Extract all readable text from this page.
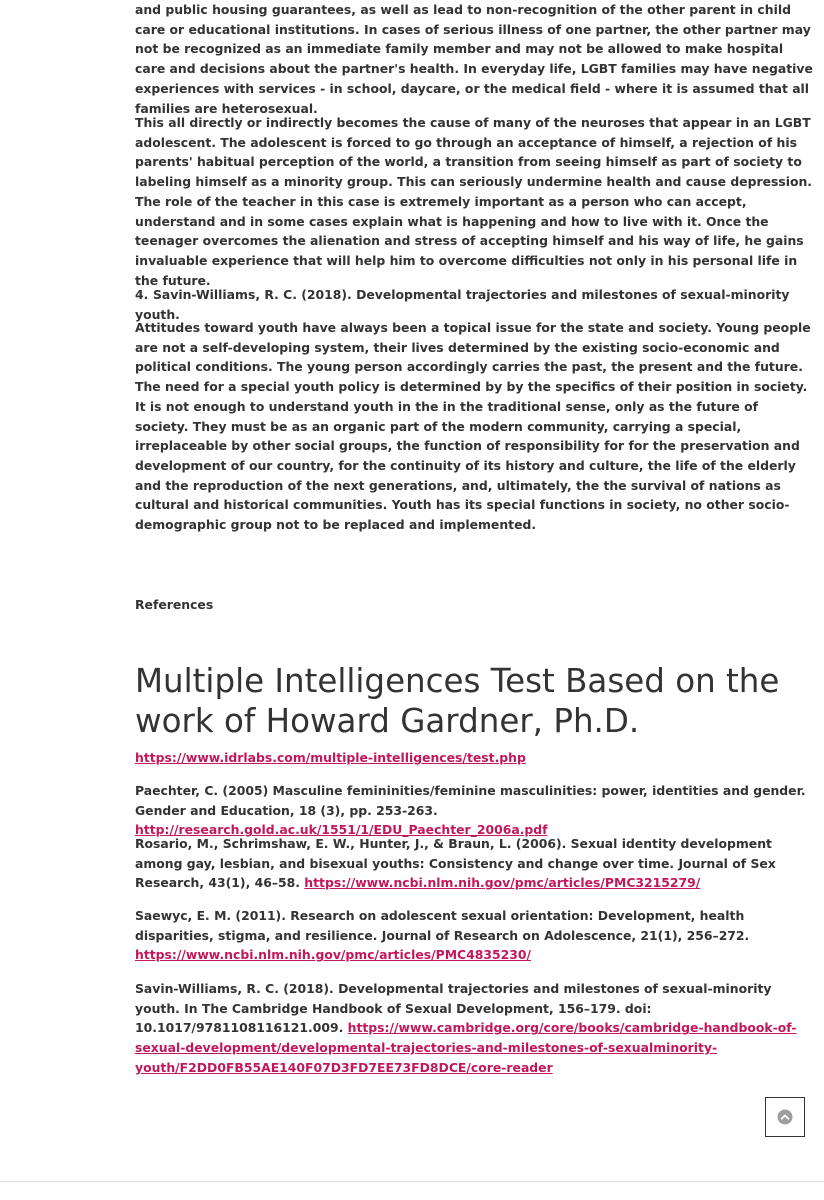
and public housing guarantees, as well as lead to non-recognition of the other parent in child care or educational institutions. In cases of serious illness of one partner, the other partner may not be recognized as an immediate family member and may not be allowed to make hospital care and decisions about the partner's health. In everyday life, LGBT families may have negative experiences with services - in school, daycare, or the medical field - where it is assumed that all families are heterosexual.

This all directly or indirectly becomes the cause of many of the neuroses that appear in an LGBT adolescent. The adolescent is forced to go through an acceptance of himself, a rejection of his parents' habitual perception of the world, a transition from seeing himself as part of society to labeling himself as a minority group. This can seriously undermine health and cause depression. The role of the teacher in this case is extremely important as a person who can accept, understand and in some cases explain what is happening and how to live with it. Once the teenager overcomes the alienation and stress of accepting himself and his way of life, he gains invaluable experience that will help him to overcome difficulties not only in his personal life in the future.

4. Savin-Williams, R. C. (2018). Developmental trajectories and milestones of sexual-minority youth.

Attitudes toward youth have always been a topical issue for the state and society. Young people are not a self-developing system, their lives determined by the existing socio-economic and political conditions. The young person accordingly carries the past, the present and the future. The need for a special youth policy is determined by by the specifics of their position in society. It is not enough to understand youth in the in the traditional sense, only as the future of society. They must be as an organic part of the modern community, carrying a special, irreplaceable by other social groups, the function of responsibility for for the preservation and development of our country, for the continuity of its history and culture, the life of the elderly and the reproduction of the next generations, and, ultimately, the the survival of nations as cultural and historical communities. Youth has its special functions in society, no other socio-demographic group not to be replaced and implemented.

References

Multiple Intelligences Test Based on the work of Howard Gardner, Ph.D.

https://www.idrlabs.com/multiple-intelligences/test.php

Paechter, C. (2005) Masculine femininities/feminine masculinities: power, identities and gender. Gender and Education, 18 (3), pp. 253-263. http://research.gold.ac.uk/1551/1/EDU_Paechter_2006a.pdf

Rosario, M., Schrimshaw, E. W., Hunter, J., & Braun, L. (2006). Sexual identity development among gay, lesbian, and bisexual youths: Consistency and change over time. Journal of Sex Research, 43(1), 46–58. https://www.ncbi.nlm.nih.gov/pmc/articles/PMC3215279/

Saewyc, E. M. (2011). Research on adolescent sexual orientation: Development, health disparities, stigma, and resilience. Journal of Research on Adolescence, 21(1), 256–272. https://www.ncbi.nlm.nih.gov/pmc/articles/PMC4835230/

Savin-Williams, R. C. (2018). Developmental trajectories and milestones of sexual-minority youth. In The Cambridge Handbook of Sexual Development, 156–179. doi: 10.1017/9781108116121.009. https://www.cambridge.org/core/books/cambridge-handbook-of-sexual-development/developmental-trajectories-and-milestones-of-sexualminority-youth/F2DD0FB55AE140F07D3FD7EE73FD8DCE/core-reader
